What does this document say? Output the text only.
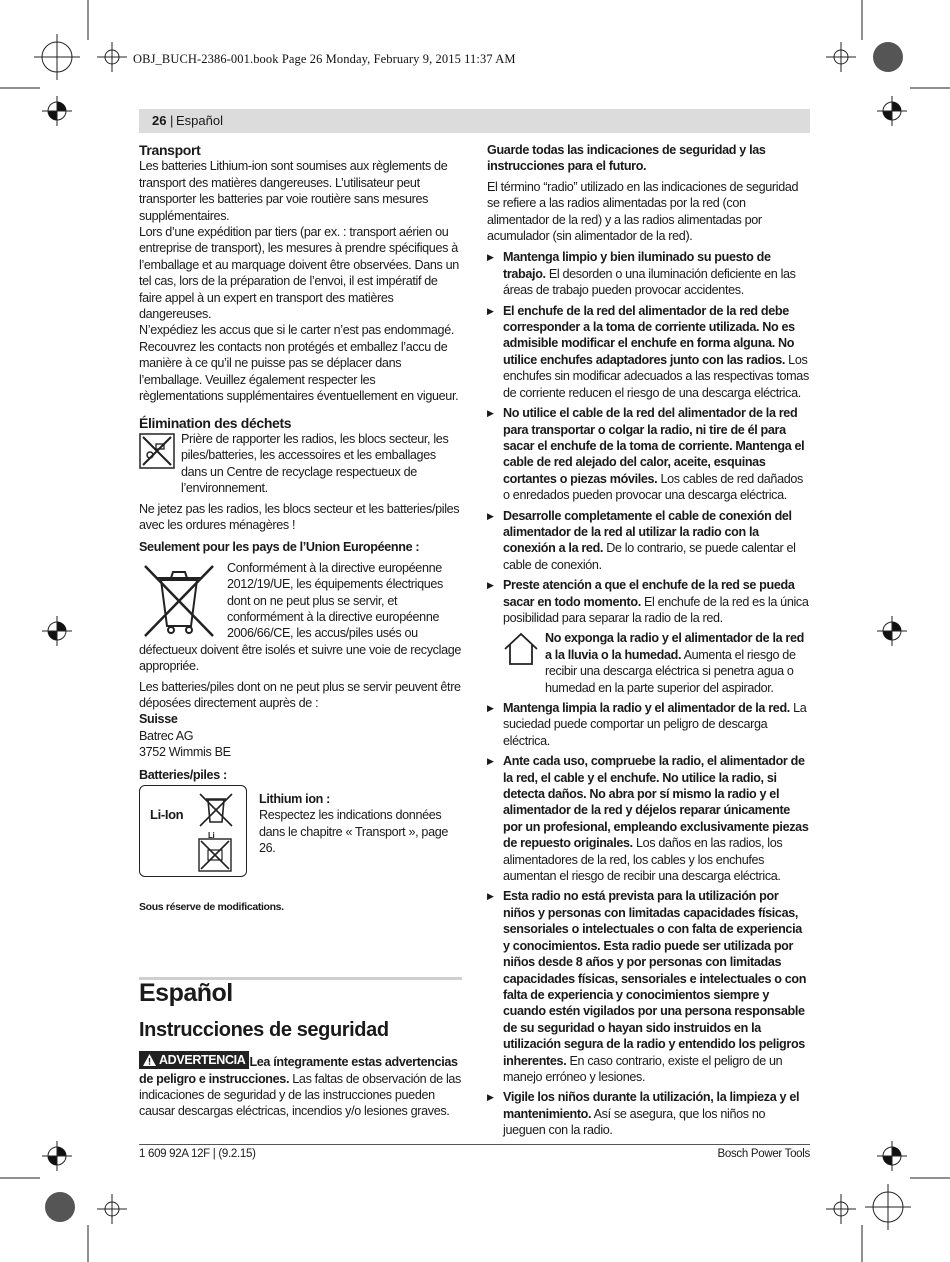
OBJ_BUCH-2386-001.book Page 26 Monday, February 9, 2015 11:37 AM
26 | Español

Transport

Les batteries Lithium-ion sont soumises aux règlements de transport des matières dangereuses. L’utilisateur peut transporter les batteries par voie routière sans mesures supplémentaires.

Lors d’une expédition par tiers (par ex. : transport aérien ou entreprise de transport), les mesures à prendre spécifiques à l’emballage et au marquage doivent être observées. Dans un tel cas, lors de la préparation de l’envoi, il est impératif de faire appel à un expert en transport des matières dangereuses.

N’expédiez les accus que si le carter n’est pas endommagé. Recouvrez les contacts non protégés et emballez l’accu de manière à ce qu’il ne puisse pas se déplacer dans l’emballage. Veuillez également respecter les règlementations supplémentaires éventuellement en vigueur.

Élimination des déchets

Prière de rapporter les radios, les blocs secteur, les piles/batteries, les accessoires et les emballages dans un Centre de recyclage respectueux de l’environnement.

Ne jetez pas les radios, les blocs secteur et les batteries/piles avec les ordures ménagères !

Seulement pour les pays de l’Union Européenne :

Conformément à la directive européenne 2012/19/UE, les équipements électriques dont on ne peut plus se servir, et conformément à la directive européenne 2006/66/CE, les accus/piles usés ou défectueux doivent être isolés et suivre une voie de recyclage appropriée.

Les batteries/piles dont on ne peut plus se servir peuvent être déposées directement auprès de :

Suisse

Batrec AG

3752 Wimmis BE

Batteries/piles :

Li-Ion
Li

Lithium ion :

Respectez les indications données dans le chapitre « Transport », page 26.

Sous réserve de modifications.

Español
Instrucciones de seguridad
ADVERTENCIA Lea íntegramente estas advertencias de peligro e instrucciones. Las faltas de observación de las indicaciones de seguridad y de las instrucciones pueden causar descargas eléctricas, incendios y/o lesiones graves.

Guarde todas las indicaciones de seguridad y las instrucciones para el futuro.

El término “radio” utilizado en las indicaciones de seguridad se refiere a las radios alimentadas por la red (con alimentador de la red) y a las radios alimentadas por acumulador (sin alimentador de la red).

▶ Mantenga limpio y bien iluminado su puesto de trabajo. El desorden o una iluminación deficiente en las áreas de trabajo pueden provocar accidentes.
▶ El enchufe de la red del alimentador de la red debe corresponder a la toma de corriente utilizada. No es admisible modificar el enchufe en forma alguna. No utilice enchufes adaptadores junto con las radios. Los enchufes sin modificar adecuados a las respectivas tomas de corriente reducen el riesgo de una descarga eléctrica.
▶ No utilice el cable de la red del alimentador de la red para transportar o colgar la radio, ni tire de él para sacar el enchufe de la toma de corriente. Mantenga el cable de red alejado del calor, aceite, esquinas cortantes o piezas móviles. Los cables de red dañados o enredados pueden provocar una descarga eléctrica.
▶ Desarrolle completamente el cable de conexión del alimentador de la red al utilizar la radio con la conexión a la red. De lo contrario, se puede calentar el cable de conexión.
▶ Preste atención a que el enchufe de la red se pueda sacar en todo momento. El enchufe de la red es la única posibilidad para separar la radio de la red.

No exponga la radio y el alimentador de la red a la lluvia o la humedad. Aumenta el riesgo de recibir una descarga eléctrica si penetra agua o humedad en la parte superior del aspirador.

▶ Mantenga limpia la radio y el alimentador de la red. La suciedad puede comportar un peligro de descarga eléctrica.
▶ Ante cada uso, compruebe la radio, el alimentador de la red, el cable y el enchufe. No utilice la radio, si detecta daños. No abra por sí mismo la radio y el alimentador de la red y déjelos reparar únicamente por un profesional, empleando exclusivamente piezas de repuesto originales. Los daños en las radios, los alimentadores de la red, los cables y los enchufes aumentan el riesgo de recibir una descarga eléctrica.
▶ Esta radio no está prevista para la utilización por niños y personas con limitadas capacidades físicas, sensoriales o intelectuales o con falta de experiencia y conocimientos. Esta radio puede ser utilizada por niños desde 8 años y por personas con limitadas capacidades físicas, sensoriales e intelectuales o con falta de experiencia y conocimientos siempre y cuando estén vigilados por una persona responsable de su seguridad o hayan sido instruidos en la utilización segura de la radio y entendido los peligros inherentes. En caso contrario, existe el peligro de un manejo erróneo y lesiones.
▶ Vigile los niños durante la utilización, la limpieza y el mantenimiento. Así se asegura, que los niños no jueguen con la radio.
1 609 92A 12F | (9.2.15)	Bosch Power Tools
